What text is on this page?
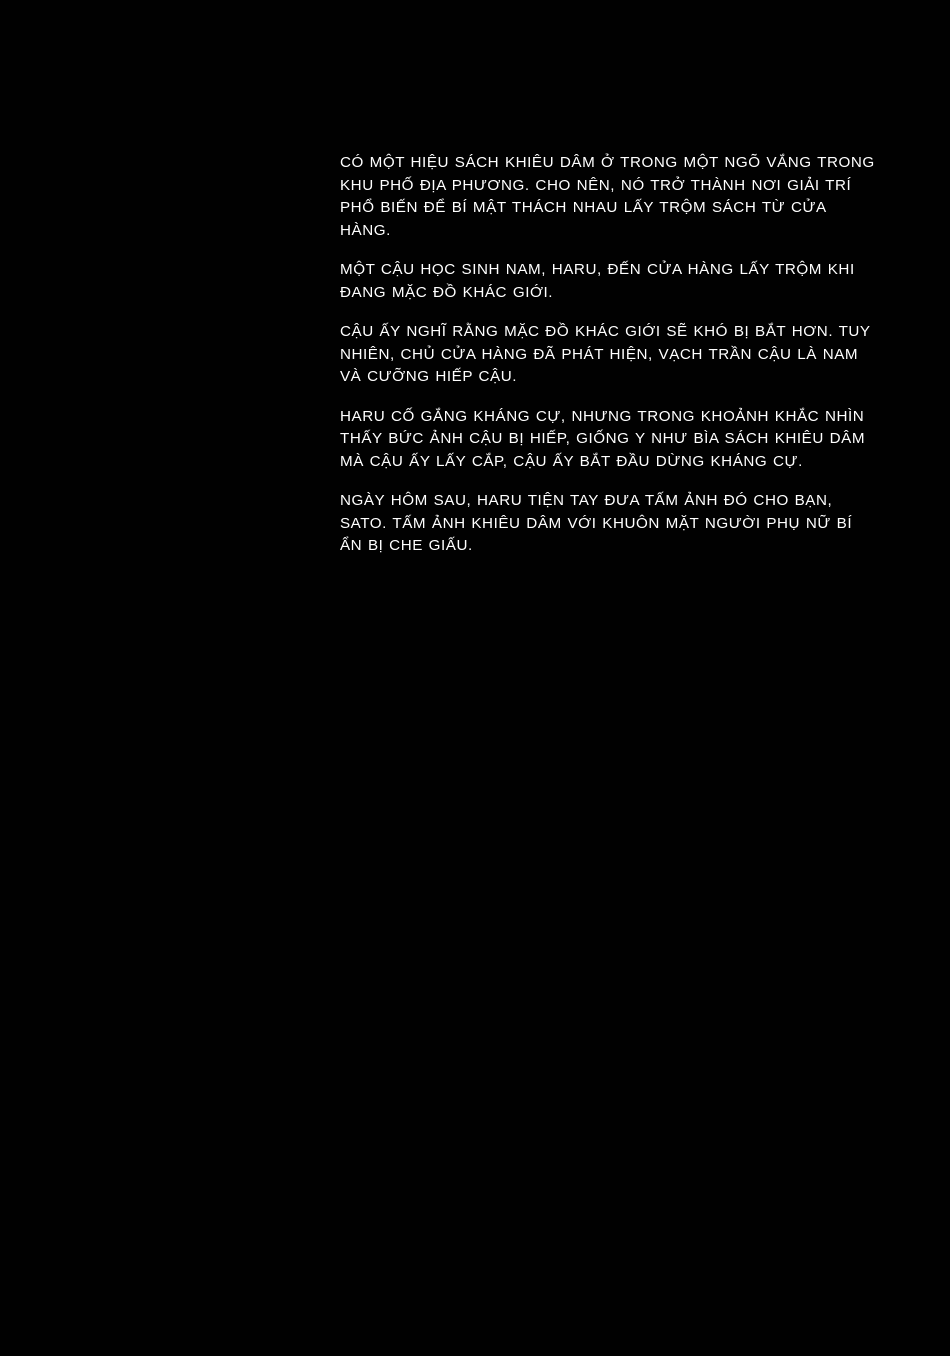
CÓ MỘT HIỆU SÁCH KHIÊU DÂM Ở TRONG MỘT NGÕ VẮNG TRONG KHU PHỐ ĐỊA PHƯƠNG. CHO NÊN, NÓ TRỞ THÀNH NƠI GIẢI TRÍ PHỔ BIẾN ĐỂ BÍ MẬT THÁCH NHAU LẤY TRỘM SÁCH TỪ CỬA HÀNG.

MỘT CẬU HỌC SINH NAM, HARU, ĐẾN CỬA HÀNG LẤY TRỘM KHI ĐANG MẶC ĐỒ KHÁC GIỚI.

CẬU ẤY NGHĨ RẰNG MẶC ĐỒ KHÁC GIỚI SẼ KHÓ BỊ BẮT HƠN. TUY NHIÊN, CHỦ CỬA HÀNG ĐÃ PHÁT HIỆN, VẠCH TRẦN CẬU LÀ NAM VÀ CƯỠNG HIẾP CẬU.

HARU CỐ GẮNG KHÁNG CỰ, NHƯNG TRONG KHOẢNH KHẮC NHÌN THẤY BỨC ẢNH CẬU BỊ HIẾP, GIỐNG Y NHƯ BÌA SÁCH KHIÊU DÂM MÀ CẬU ẤY LẤY CẮP, CẬU ẤY BẮT ĐẦU DỪNG KHÁNG CỰ.

NGÀY HÔM SAU, HARU TIỆN TAY ĐƯA TẤM ẢNH ĐÓ CHO BẠN, SATO. TẤM ẢNH KHIÊU DÂM VỚI KHUÔN MẶT NGƯỜI PHỤ NỮ BÍ ẨN BỊ CHE GIẤU.
